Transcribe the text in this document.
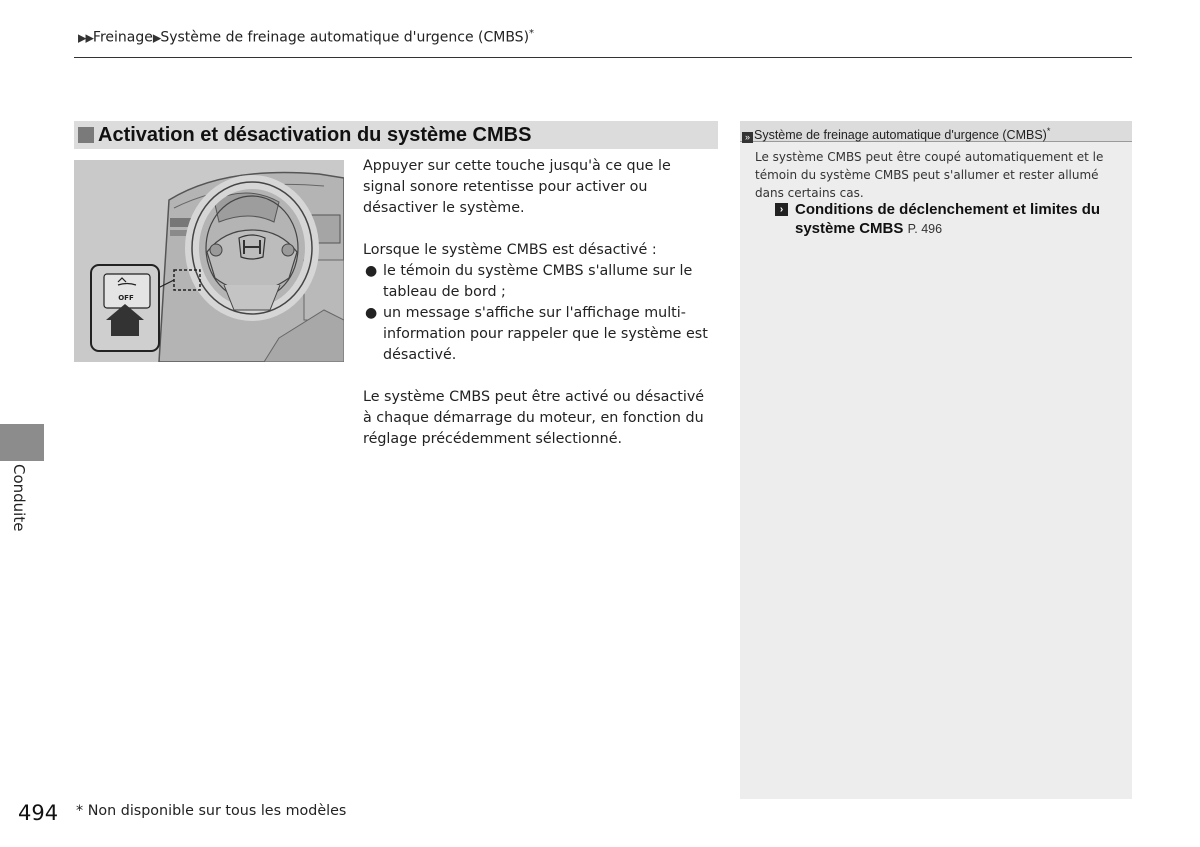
▶▶Freinage▶Système de freinage automatique d'urgence (CMBS)*
Activation et désactivation du système CMBS
OFF

Appuyer sur cette touche jusqu'à ce que le signal sonore retentisse pour activer ou désactiver le système.

Lorsque le système CMBS est désactivé :

● le témoin du système CMBS s'allume sur le tableau de bord ;
● un message s'affiche sur l'affichage multi-information pour rappeler que le système est désactivé.

Le système CMBS peut être activé ou désactivé à chaque démarrage du moteur, en fonction du réglage précédemment sélectionné.

» Système de freinage automatique d'urgence (CMBS)*
Le système CMBS peut être coupé automatiquement et le témoin du système CMBS peut s'allumer et rester allumé dans certains cas.
› Conditions de déclenchement et limites du système CMBS P. 496
Conduite
494 * Non disponible sur tous les modèles
